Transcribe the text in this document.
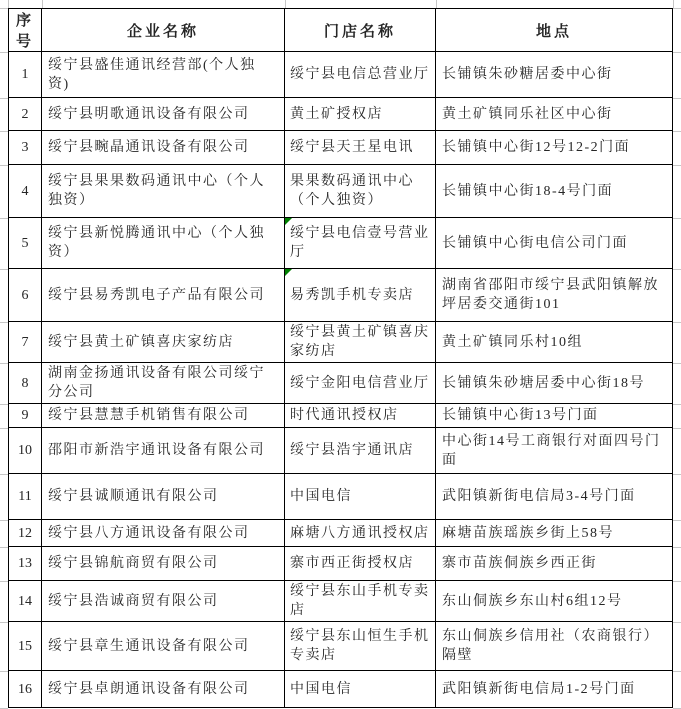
序号	企业名称	门店名称	地点
1	绥宁县盛佳通讯经营部(个人独资)	绥宁县电信总营业厅	长铺镇朱砂糖居委中心街
2	绥宁县明歌通讯设备有限公司	黄土矿授权店	黄土矿镇同乐社区中心街
3	绥宁县畹晶通讯设备有限公司	绥宁县天王星电讯	长铺镇中心街12号12-2门面
4	绥宁县果果数码通讯中心（个人独资）	果果数码通讯中心（个人独资）	长铺镇中心街18-4号门面
5	绥宁县新悦腾通讯中心（个人独资）	绥宁县电信壹号营业厅	长铺镇中心街电信公司门面
6	绥宁县易秀凯电子产品有限公司	易秀凯手机专卖店	湖南省邵阳市绥宁县武阳镇解放坪居委交通街101
7	绥宁县黄土矿镇喜庆家纺店	绥宁县黄土矿镇喜庆家纺店	黄土矿镇同乐村10组
8	湖南金扬通讯设备有限公司绥宁分公司	绥宁金阳电信营业厅	长铺镇朱砂塘居委中心街18号
9	绥宁县慧慧手机销售有限公司	时代通讯授权店	长铺镇中心街13号门面
10	邵阳市新浩宇通讯设备有限公司	绥宁县浩宇通讯店	中心街14号工商银行对面四号门面
11	绥宁县诚顺通讯有限公司	中国电信	武阳镇新街电信局3-4号门面
12	绥宁县八方通讯设备有限公司	麻塘八方通讯授权店	麻塘苗族瑶族乡街上58号
13	绥宁县锦航商贸有限公司	寨市西正街授权店	寨市苗族侗族乡西正街
14	绥宁县浩诚商贸有限公司	绥宁县东山手机专卖店	东山侗族乡东山村6组12号
15	绥宁县章生通讯设备有限公司	绥宁县东山恒生手机专卖店	东山侗族乡信用社（农商银行）隔壁
16	绥宁县卓朗通讯设备有限公司	中国电信	武阳镇新街电信局1-2号门面
